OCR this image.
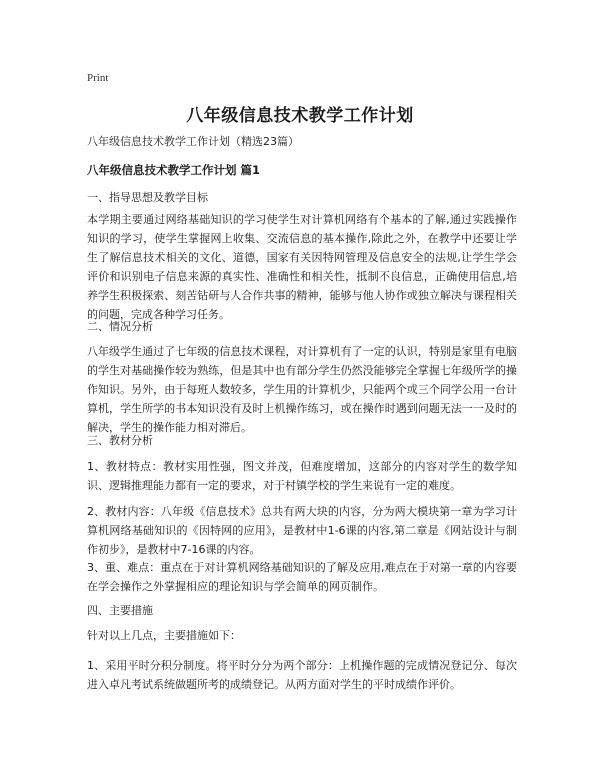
Print
八年级信息技术教学工作计划
八年级信息技术教学工作计划（精选23篇）
八年级信息技术教学工作计划 篇1
一、指导思想及教学目标

本学期主要通过网络基础知识的学习使学生对计算机网络有个基本的了解,通过实践操作知识的学习，使学生掌握网上收集、交流信息的基本操作,除此之外，在教学中还要让学生了解信息技术相关的文化、道德，国家有关因特网管理及信息安全的法规,让学生学会评价和识别电子信息来源的真实性、准确性和相关性，抵制不良信息，正确使用信息,培养学生积极探索、刻苦钻研与人合作共事的精神，能够与他人协作或独立解决与课程相关的问题，完成各种学习任务。

二、情况分析

八年级学生通过了七年级的信息技术课程，对计算机有了一定的认识，特别是家里有电脑的学生对基础操作较为熟练，但是其中也有部分学生仍然没能够完全掌握七年级所学的操作知识。另外，由于每班人数较多，学生用的计算机少，只能两个或三个同学公用一台计算机，学生所学的书本知识没有及时上机操作练习，或在操作时遇到问题无法一一及时的解决，学生的操作能力相对滞后。

三、教材分析

1、教材特点：教材实用性强，图文并茂，但难度增加，这部分的内容对学生的数学知识、逻辑推理能力都有一定的要求，对于村镇学校的学生来说有一定的难度。

2、教材内容：八年级《信息技术》总共有两大块的内容，分为两大模块第一章为学习计算机网络基础知识的《因特网的应用》，是教材中1-6课的内容,第二章是《网站设计与制作初步》，是教材中7-16课的内容。

3、重、难点：重点在于对计算机网络基础知识的了解及应用,难点在于对第一章的内容要在学会操作之外掌握相应的理论知识与学会简单的网页制作。

四、主要措施

针对以上几点，主要措施如下：

1、采用平时分积分制度。将平时分分为两个部分：上机操作题的完成情况登记分、每次进入卓凡考试系统做题所考的成绩登记。从两方面对学生的平时成绩作评价。
